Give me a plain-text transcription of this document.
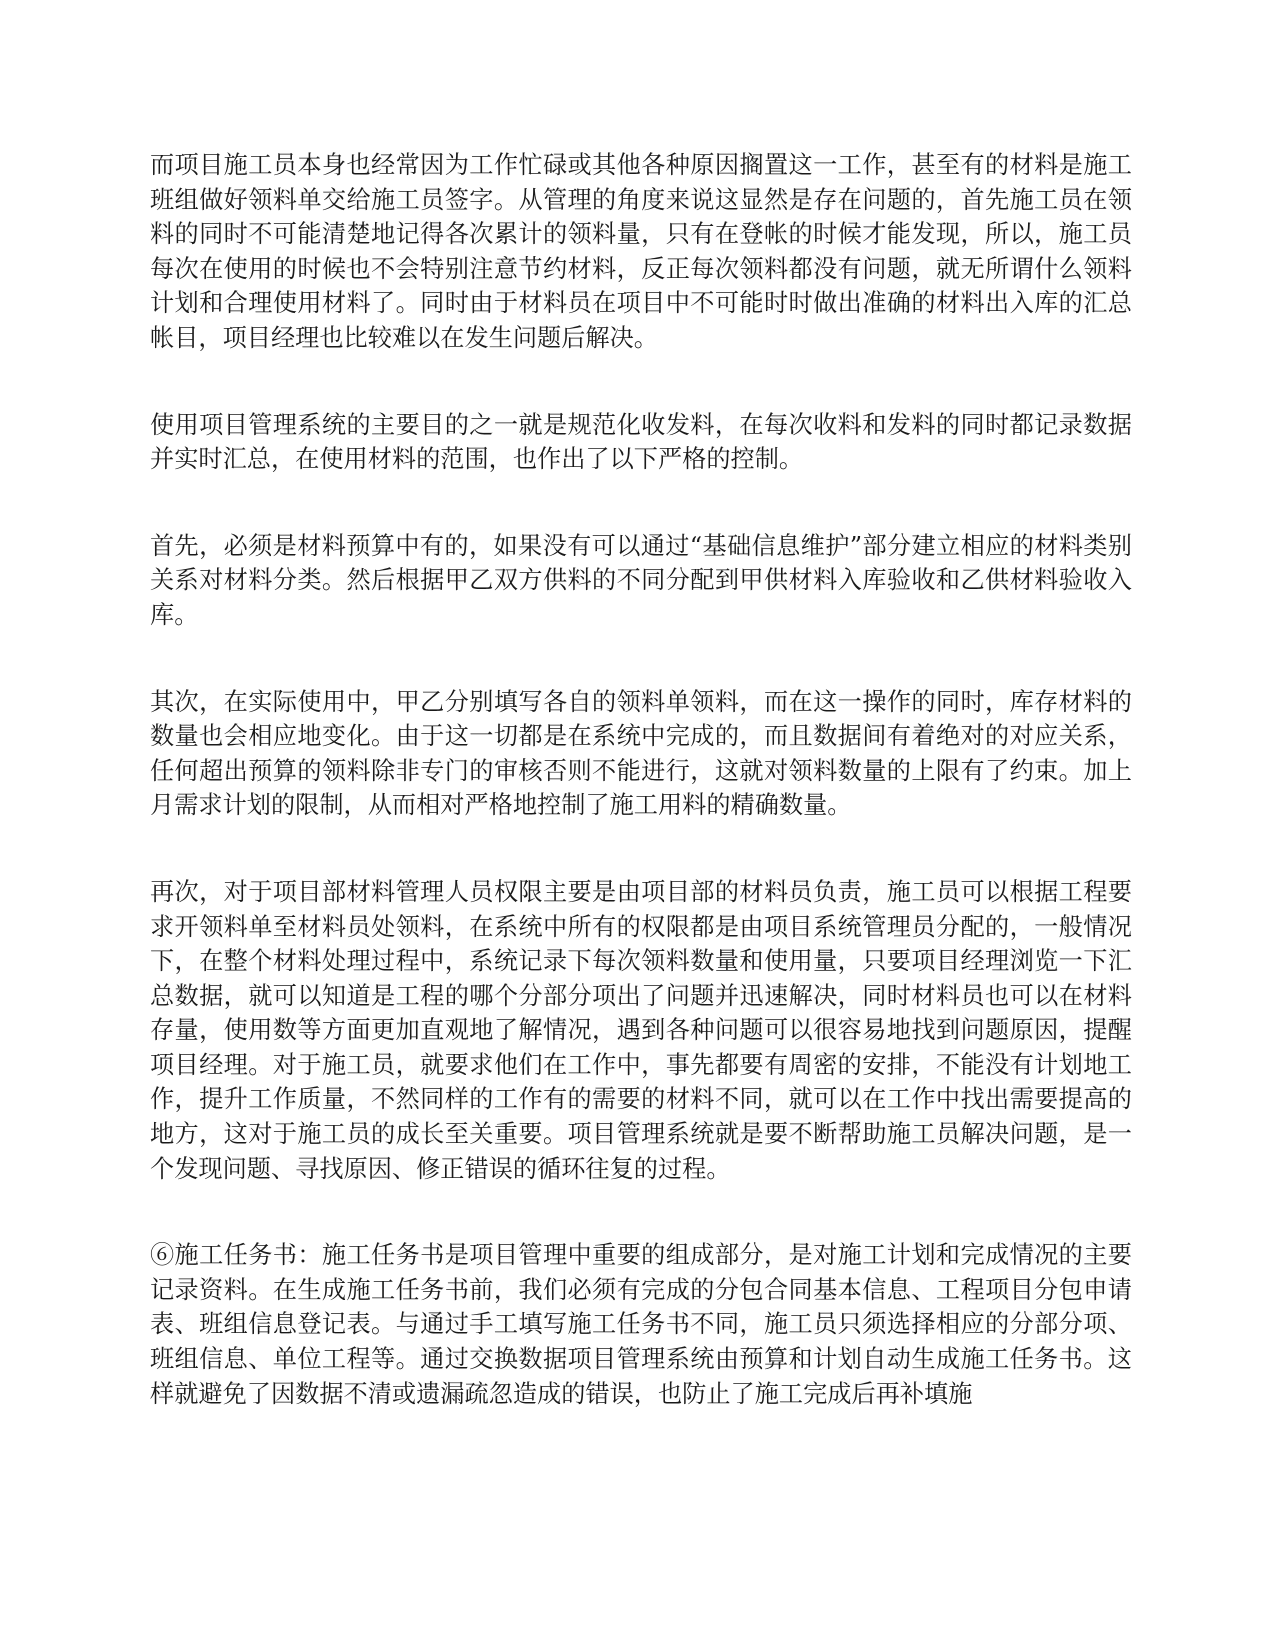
而项目施工员本身也经常因为工作忙碌或其他各种原因搁置这一工作，甚至有的材料是施工班组做好领料单交给施工员签字。从管理的角度来说这显然是存在问题的，首先施工员在领料的同时不可能清楚地记得各次累计的领料量，只有在登帐的时候才能发现，所以，施工员每次在使用的时候也不会特别注意节约材料，反正每次领料都没有问题，就无所谓什么领料计划和合理使用材料了。同时由于材料员在项目中不可能时时做出准确的材料出入库的汇总帐目，项目经理也比较难以在发生问题后解决。

使用项目管理系统的主要目的之一就是规范化收发料，在每次收料和发料的同时都记录数据并实时汇总，在使用材料的范围，也作出了以下严格的控制。

首先，必须是材料预算中有的，如果没有可以通过“基础信息维护”部分建立相应的材料类别关系对材料分类。然后根据甲乙双方供料的不同分配到甲供材料入库验收和乙供材料验收入库。

其次，在实际使用中，甲乙分别填写各自的领料单领料，而在这一操作的同时，库存材料的数量也会相应地变化。由于这一切都是在系统中完成的，而且数据间有着绝对的对应关系，任何超出预算的领料除非专门的审核否则不能进行，这就对领料数量的上限有了约束。加上月需求计划的限制，从而相对严格地控制了施工用料的精确数量。

再次，对于项目部材料管理人员权限主要是由项目部的材料员负责，施工员可以根据工程要求开领料单至材料员处领料，在系统中所有的权限都是由项目系统管理员分配的，一般情况下，在整个材料处理过程中，系统记录下每次领料数量和使用量，只要项目经理浏览一下汇总数据，就可以知道是工程的哪个分部分项出了问题并迅速解决，同时材料员也可以在材料存量，使用数等方面更加直观地了解情况，遇到各种问题可以很容易地找到问题原因，提醒项目经理。对于施工员，就要求他们在工作中，事先都要有周密的安排，不能没有计划地工作，提升工作质量，不然同样的工作有的需要的材料不同，就可以在工作中找出需要提高的地方，这对于施工员的成长至关重要。项目管理系统就是要不断帮助施工员解决问题，是一个发现问题、寻找原因、修正错误的循环往复的过程。

⑥施工任务书：施工任务书是项目管理中重要的组成部分，是对施工计划和完成情况的主要记录资料。在生成施工任务书前，我们必须有完成的分包合同基本信息、工程项目分包申请表、班组信息登记表。与通过手工填写施工任务书不同，施工员只须选择相应的分部分项、班组信息、单位工程等。通过交换数据项目管理系统由预算和计划自动生成施工任务书。这样就避免了因数据不清或遗漏疏忽造成的错误，也防止了施工完成后再补填施
